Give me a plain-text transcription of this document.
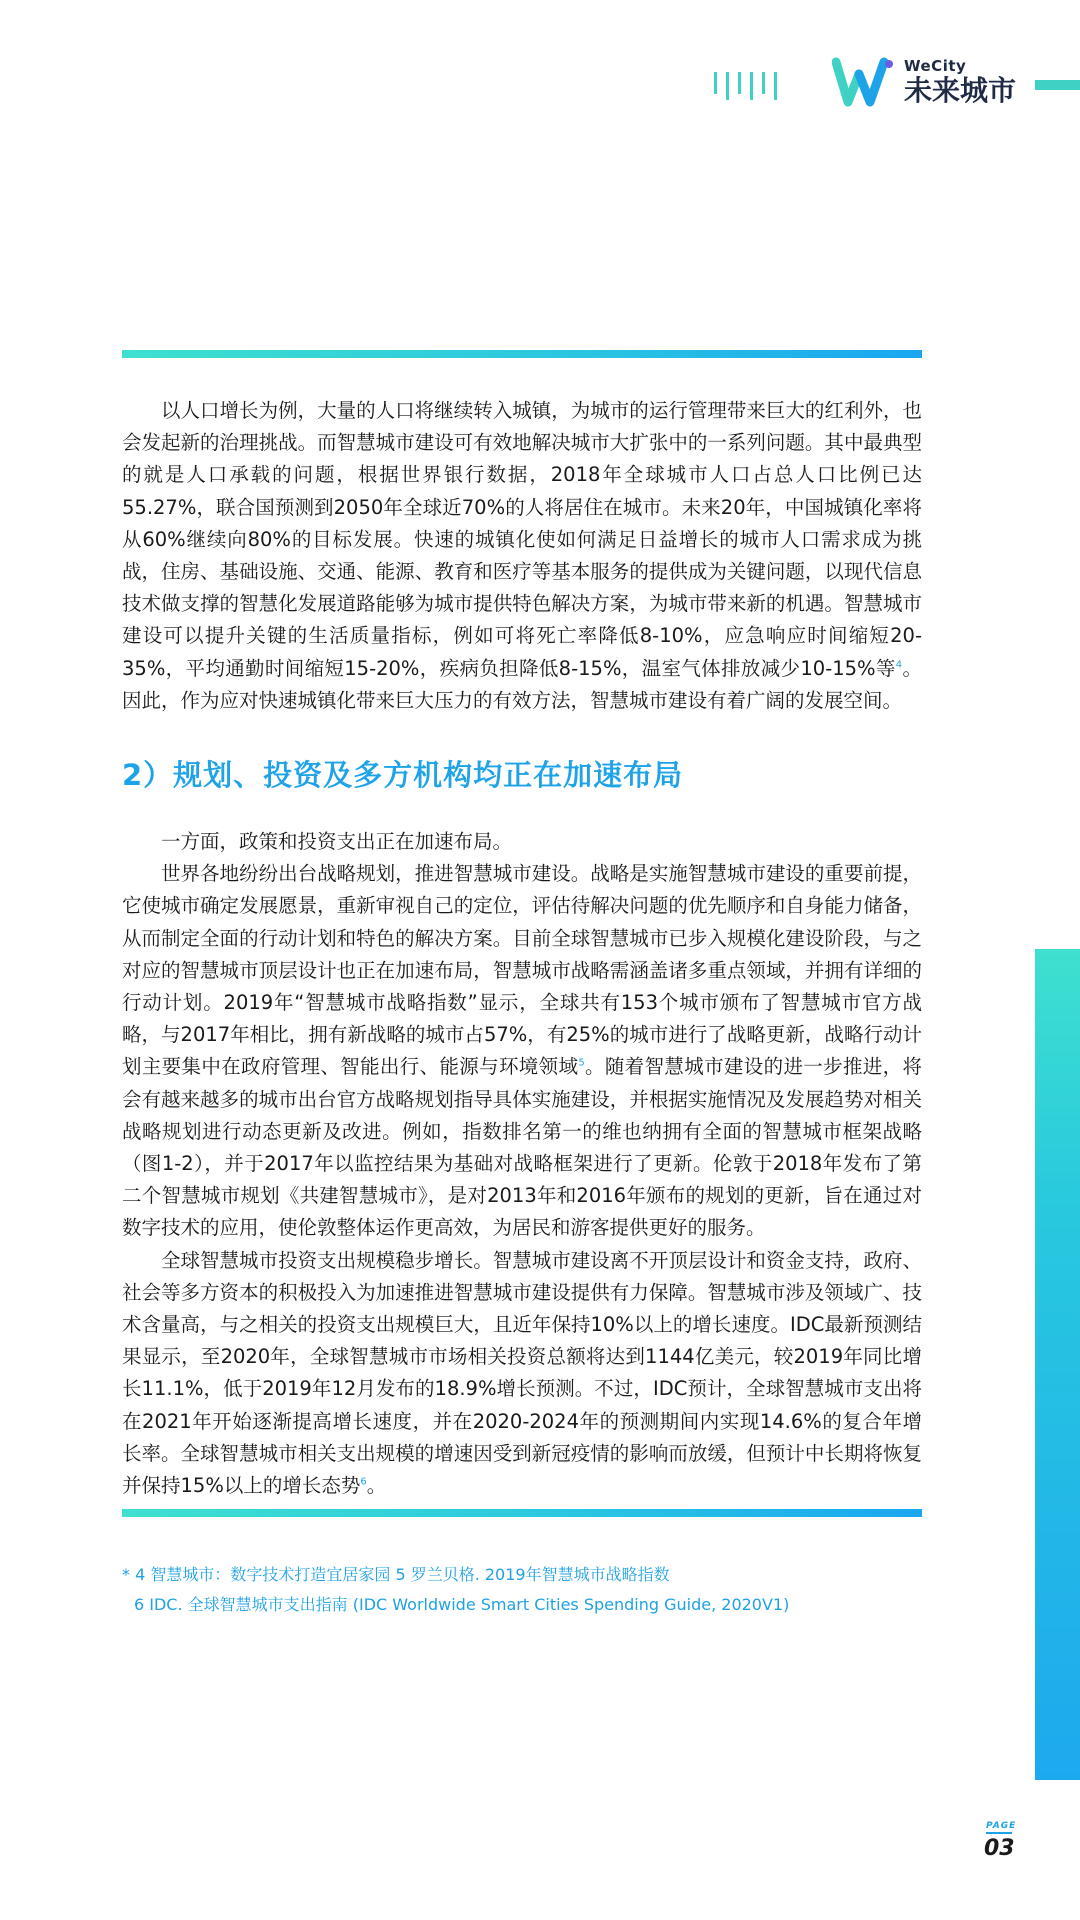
WeCity
未来城市

以人口增长为例，大量的人口将继续转入城镇，为城市的运行管理带来巨大的红利外，也会发起新的治理挑战。而智慧城市建设可有效地解决城市大扩张中的一系列问题。其中最典型的就是人口承载的问题，根据世界银行数据，2018年全球城市人口占总人口比例已达55.27%，联合国预测到2050年全球近70%的人将居住在城市。未来20年，中国城镇化率将从60%继续向80%的目标发展。快速的城镇化使如何满足日益增长的城市人口需求成为挑战，住房、基础设施、交通、能源、教育和医疗等基本服务的提供成为关键问题，以现代信息技术做支撑的智慧化发展道路能够为城市提供特色解决方案，为城市带来新的机遇。智慧城市建设可以提升关键的生活质量指标，例如可将死亡率降低8-10%，应急响应时间缩短20-35%，平均通勤时间缩短15-20%，疾病负担降低8-15%，温室气体排放减少10-15%等$^4$。因此，作为应对快速城镇化带来巨大压力的有效方法，智慧城市建设有着广阔的发展空间。

2）规划、投资及多方机构均正在加速布局

一方面，政策和投资支出正在加速布局。

世界各地纷纷出台战略规划，推进智慧城市建设。战略是实施智慧城市建设的重要前提，它使城市确定发展愿景，重新审视自己的定位，评估待解决问题的优先顺序和自身能力储备，从而制定全面的行动计划和特色的解决方案。目前全球智慧城市已步入规模化建设阶段，与之对应的智慧城市顶层设计也正在加速布局，智慧城市战略需涵盖诸多重点领域，并拥有详细的行动计划。2019年“智慧城市战略指数”显示，全球共有153个城市颁布了智慧城市官方战略，与2017年相比，拥有新战略的城市占57%，有25%的城市进行了战略更新，战略行动计划主要集中在政府管理、智能出行、能源与环境领域$^5$。随着智慧城市建设的进一步推进，将会有越来越多的城市出台官方战略规划指导具体实施建设，并根据实施情况及发展趋势对相关战略规划进行动态更新及改进。例如，指数排名第一的维也纳拥有全面的智慧城市框架战略（图1-2），并于2017年以监控结果为基础对战略框架进行了更新。伦敦于2018年发布了第二个智慧城市规划《共建智慧城市》，是对2013年和2016年颁布的规划的更新，旨在通过对数字技术的应用，使伦敦整体运作更高效，为居民和游客提供更好的服务。

全球智慧城市投资支出规模稳步增长。智慧城市建设离不开顶层设计和资金支持，政府、社会等多方资本的积极投入为加速推进智慧城市建设提供有力保障。智慧城市涉及领域广、技术含量高，与之相关的投资支出规模巨大，且近年保持10%以上的增长速度。IDC最新预测结果显示，至2020年，全球智慧城市市场相关投资总额将达到1144亿美元，较2019年同比增长11.1%，低于2019年12月发布的18.9%增长预测。不过，IDC预计，全球智慧城市支出将在2021年开始逐渐提高增长速度，并在2020-2024年的预测期间内实现14.6%的复合年增长率。全球智慧城市相关支出规模的增速因受到新冠疫情的影响而放缓，但预计中长期将恢复并保持15%以上的增长态势$^6$。

* 4 智慧城市：数字技术打造宜居家园 5 罗兰贝格. 2019年智慧城市战略指数
6 IDC. 全球智慧城市支出指南 (IDC Worldwide Smart Cities Spending Guide, 2020V1)
PAGE
03
